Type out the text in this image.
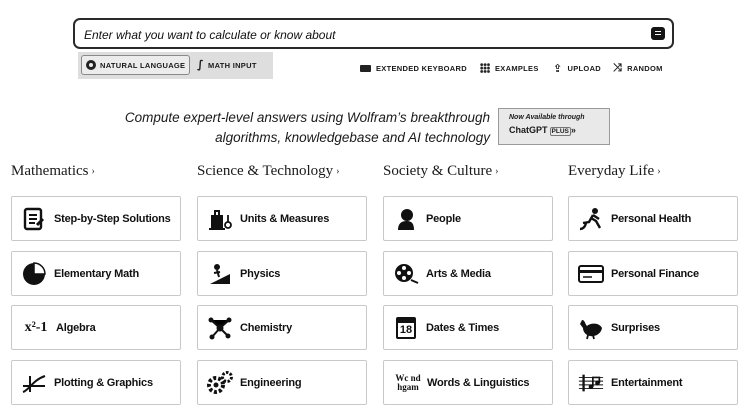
Enter what you want to calculate or know about
NATURAL LANGUAGE ∫ MATH INPUT	EXTENDED KEYBOARD	EXAMPLES ⇪ UPLOAD ⤨ RANDOM
Compute expert-level answers using Wolfram’s breakthrough
algorithms, knowledgebase and AI technology
Now Available through
ChatGPT PLUS »
Mathematics ›	Science & Technology ›	Society & Culture ›	Everyday Life ›
Step-by-Step Solutions
Elementary Math
x²-1 Algebra
Plotting & Graphics
Units & Measures
Physics
Chemistry
Engineering
People
Arts & Media
18 Dates & Times
Wc nd hgam Words & Linguistics
Personal Health
Personal Finance
Surprises
Entertainment
